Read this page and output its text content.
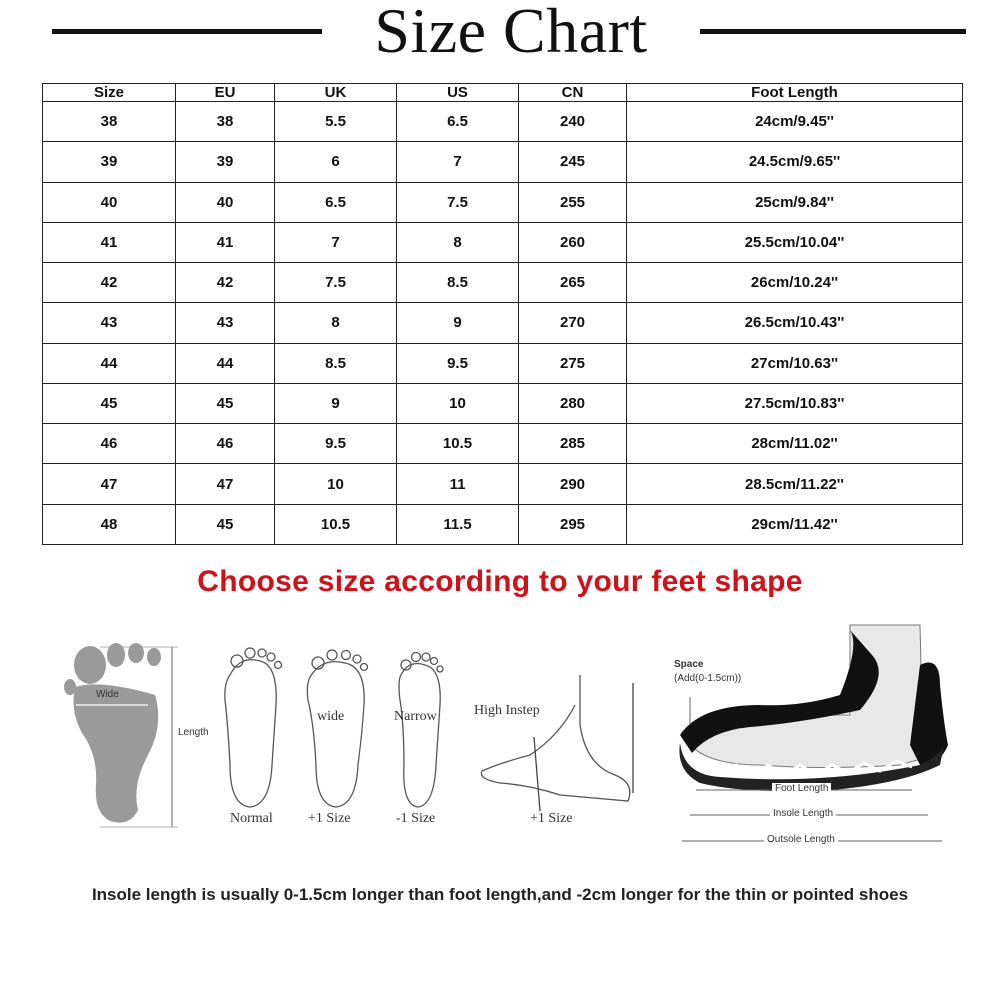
Size Chart
Size	EU	UK	US	CN	Foot Length
38	38	5.5	6.5	240	24cm/9.45''
39	39	6	7	245	24.5cm/9.65''
40	40	6.5	7.5	255	25cm/9.84''
41	41	7	8	260	25.5cm/10.04''
42	42	7.5	8.5	265	26cm/10.24''
43	43	8	9	270	26.5cm/10.43''
44	44	8.5	9.5	275	27cm/10.63''
45	45	9	10	280	27.5cm/10.83''
46	46	9.5	10.5	285	28cm/11.02''
47	47	10	11	290	28.5cm/11.22''
48	45	10.5	11.5	295	29cm/11.42''
Choose size according to your feet shape
Wide
Length
wide	Narrow	High Instep
Normal	+1 Size	-1 Size	+1 Size
Space
(Add(0-1.5cm))
Foot Length
Insole Length
Outsole Length
Insole length is usually 0-1.5cm longer than foot length,and -2cm longer for the thin or pointed shoes
